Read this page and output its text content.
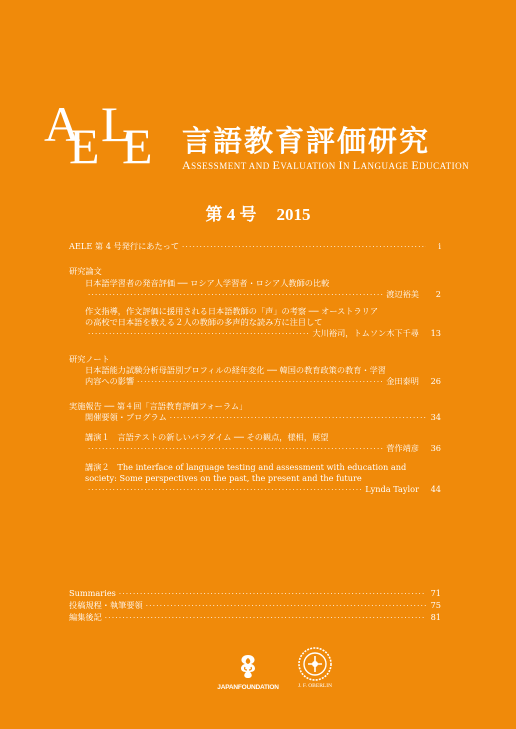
A
E L
E 言語教育評価研究
ASSESSMENT AND EVALUATION IN LANGUAGE EDUCATION
第 4 号 2015
AELE 第 4 号発行にあたって ·····	i
研究論文
日本語学習者の発音評価 ── ロシア人学習者・ロシア人教師の比較
·····
渡辺裕美	2
作文指導，作文評価に援用される日本語教師の「声」の考察 ── オーストラリア
の高校で日本語を教える２人の教師の多声的な読み方に注目して
·····
大川裕司，トムソン木下千尋 13
研究ノート
日本語能力試験分析母語別プロフィルの経年変化 ── 韓国の教育政策の教育・学習
内容への影響 ·····	金田泰明 26
実施報告 ── 第４回「言語教育評価フォーラム」
開催要領・プログラム ·····	34
講演１ 言語テストの新しいパラダイム ── その観点，様相，展望
·····
菅作靖彦 36
講演２ The interface of language testing and assessment with education and
society: Some perspectives on the past, the present and the future
·····
Lynda Taylor 44
Summaries ·····	71
投稿規程・執筆要領 ·····	75
編集後記 ·····	81
JAPANFOUNDATION	J. F. OBERLIN
